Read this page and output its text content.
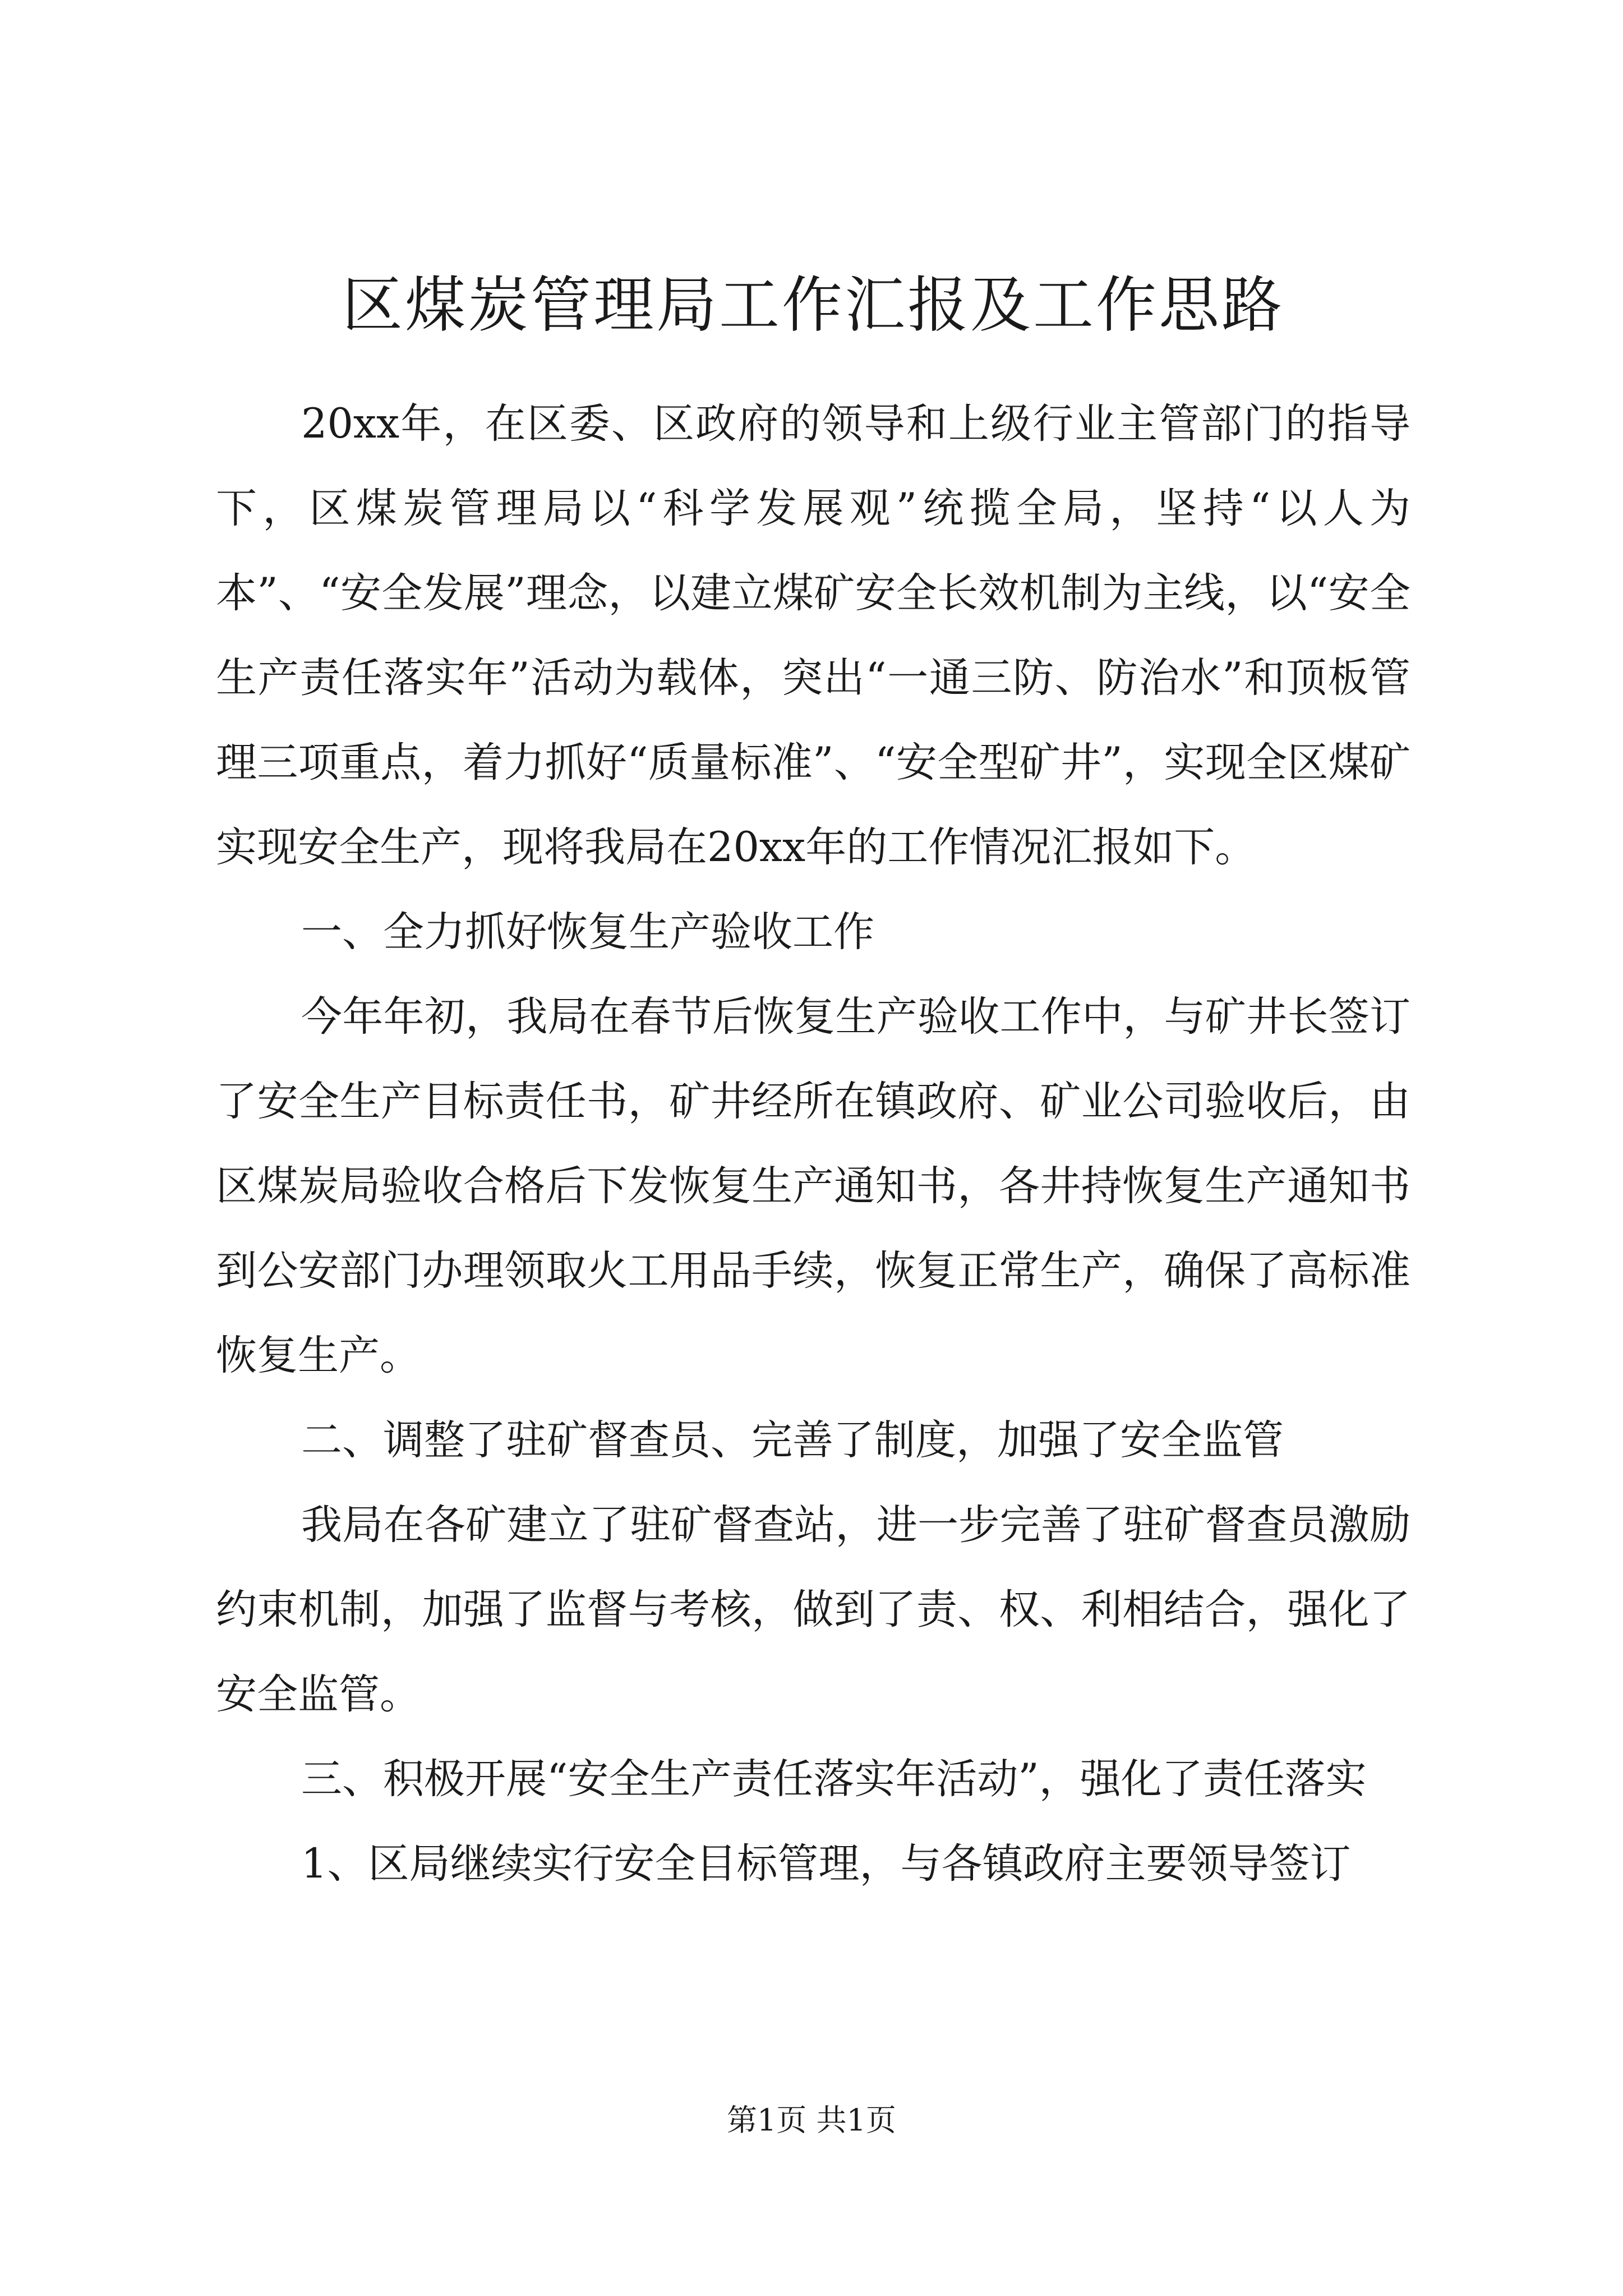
区煤炭管理局工作汇报及工作思路

20xx年，在区委、区政府的领导和上级行业主管部门的指导下，区煤炭管理局以“科学发展观”统揽全局，坚持“以人为本”、“安全发展”理念，以建立煤矿安全长效机制为主线，以“安全生产责任落实年”活动为载体，突出“一通三防、防治水”和顶板管理三项重点，着力抓好“质量标准”、“安全型矿井”，实现全区煤矿实现安全生产，现将我局在20xx年的工作情况汇报如下。

一、全力抓好恢复生产验收工作

今年年初，我局在春节后恢复生产验收工作中，与矿井长签订了安全生产目标责任书，矿井经所在镇政府、矿业公司验收后，由区煤炭局验收合格后下发恢复生产通知书，各井持恢复生产通知书到公安部门办理领取火工用品手续，恢复正常生产，确保了高标准恢复生产。

二、调整了驻矿督查员、完善了制度，加强了安全监管

我局在各矿建立了驻矿督查站，进一步完善了驻矿督查员激励约束机制，加强了监督与考核，做到了责、权、利相结合，强化了安全监管。

三、积极开展“安全生产责任落实年活动”，强化了责任落实

1、区局继续实行安全目标管理，与各镇政府主要领导签订

第1页 共1页
